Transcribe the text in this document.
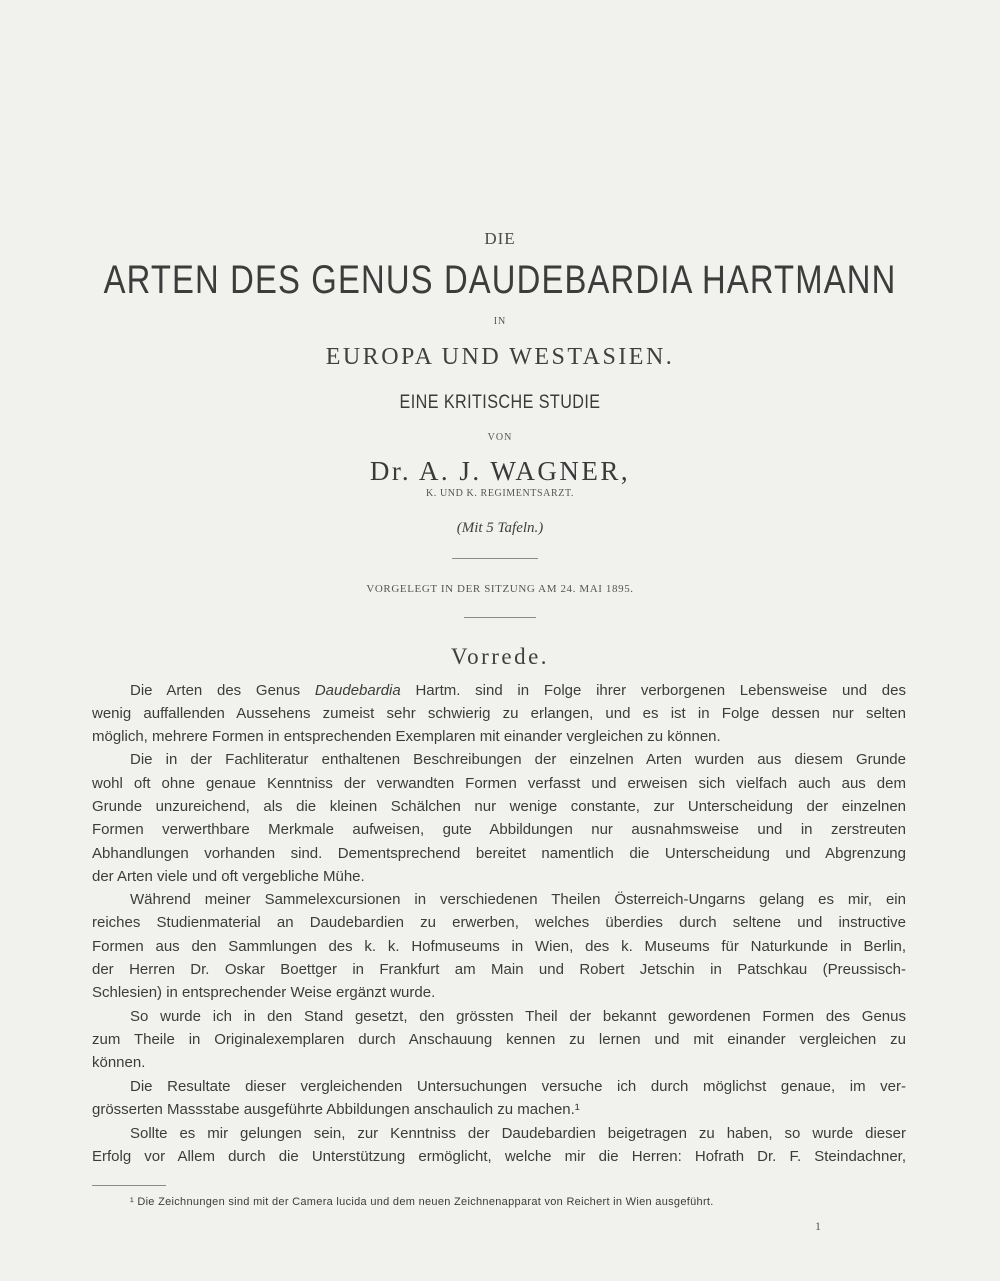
DIE
ARTEN DES GENUS DAUDEBARDIA HARTMANN
IN
EUROPA UND WESTASIEN.
EINE KRITISCHE STUDIE
VON
Dr. A. J. WAGNER,
K. UND K. REGIMENTSARZT.
(Mit 5 Tafeln.)
VORGELEGT IN DER SITZUNG AM 24. MAI 1895.
Vorrede.
Die Arten des Genus Daudebardia Hartm. sind in Folge ihrer verborgenen Lebensweise und des
wenig auffallenden Aussehens zumeist sehr schwierig zu erlangen, und es ist in Folge dessen nur selten
möglich, mehrere Formen in entsprechenden Exemplaren mit einander vergleichen zu können.
Die in der Fachliteratur enthaltenen Beschreibungen der einzelnen Arten wurden aus diesem Grunde
wohl oft ohne genaue Kenntniss der verwandten Formen verfasst und erweisen sich vielfach auch aus dem
Grunde unzureichend, als die kleinen Schälchen nur wenige constante, zur Unterscheidung der einzelnen
Formen verwerthbare Merkmale aufweisen, gute Abbildungen nur ausnahmsweise und in zerstreuten
Abhandlungen vorhanden sind. Dementsprechend bereitet namentlich die Unterscheidung und Abgrenzung
der Arten viele und oft vergebliche Mühe.
Während meiner Sammelexcursionen in verschiedenen Theilen Österreich-Ungarns gelang es mir, ein
reiches Studienmaterial an Daudebardien zu erwerben, welches überdies durch seltene und instructive
Formen aus den Sammlungen des k. k. Hofmuseums in Wien, des k. Museums für Naturkunde in Berlin,
der Herren Dr. Oskar Boettger in Frankfurt am Main und Robert Jetschin in Patschkau (Preussisch-
Schlesien) in entsprechender Weise ergänzt wurde.
So wurde ich in den Stand gesetzt, den grössten Theil der bekannt gewordenen Formen des Genus
zum Theile in Originalexemplaren durch Anschauung kennen zu lernen und mit einander vergleichen zu
können.
Die Resultate dieser vergleichenden Untersuchungen versuche ich durch möglichst genaue, im ver-
grösserten Massstabe ausgeführte Abbildungen anschaulich zu machen.¹
Sollte es mir gelungen sein, zur Kenntniss der Daudebardien beigetragen zu haben, so wurde dieser
Erfolg vor Allem durch die Unterstützung ermöglicht, welche mir die Herren: Hofrath Dr. F. Steindachner,
¹ Die Zeichnungen sind mit der Camera lucida und dem neuen Zeichnenapparat von Reichert in Wien ausgeführt.
1
